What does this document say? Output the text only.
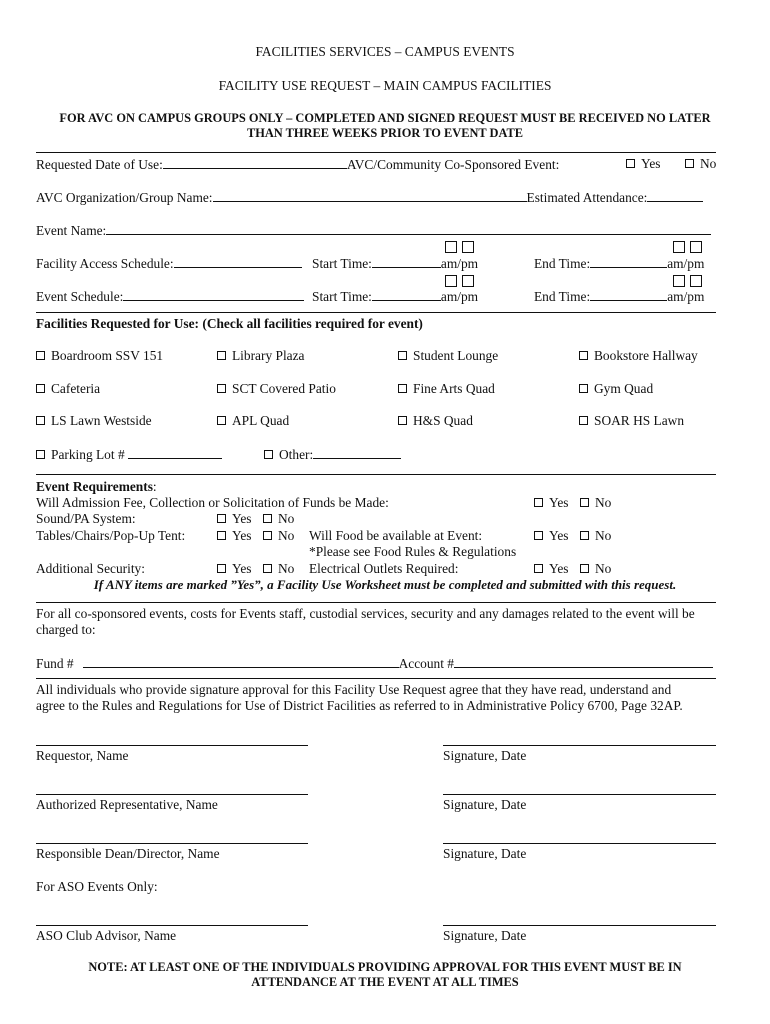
FACILITIES SERVICES – CAMPUS EVENTS
FACILITY USE REQUEST – MAIN CAMPUS FACILITIES
FOR AVC ON CAMPUS GROUPS ONLY – COMPLETED AND SIGNED REQUEST MUST BE RECEIVED NO LATER
THAN THREE WEEKS PRIOR TO EVENT DATE
Requested Date of Use:	AVC/Community Co-Sponsored Event:	Yes	No
AVC Organization/Group Name:	Estimated Attendance:
Event Name:
Facility Access Schedule:	Start Time:	am/pm	End Time:	am/pm
Event Schedule:	Start Time:	am/pm	End Time:	am/pm
Facilities Requested for Use: (Check all facilities required for event)
Boardroom SSV 151	Library Plaza	Student Lounge	Bookstore Hallway
Cafeteria	SCT Covered Patio	Fine Arts Quad	Gym Quad
LS Lawn Westside	APL Quad	H&S Quad	SOAR HS Lawn
Parking Lot #	Other:
Event Requirements:
Will Admission Fee, Collection or Solicitation of Funds be Made:	Yes	No
Sound/PA System:	Yes	No
Tables/Chairs/Pop-Up Tent:	Yes	No Will Food be available at Event:	Yes	No
*Please see Food Rules & Regulations
Additional Security:	Yes	No Electrical Outlets Required:	Yes	No
If ANY items are marked ”Yes”, a Facility Use Worksheet must be completed and submitted with this request.
For all co-sponsored events, costs for Events staff, custodial services, security and any damages related to the event will be
charged to:
Fund #	Account #
All individuals who provide signature approval for this Facility Use Request agree that they have read, understand and
agree to the Rules and Regulations for Use of District Facilities as referred to in Administrative Policy 6700, Page 32AP.
Requestor, Name	Signature, Date
Authorized Representative, Name	Signature, Date
Responsible Dean/Director, Name	Signature, Date
For ASO Events Only:
ASO Club Advisor, Name	Signature, Date
NOTE: AT LEAST ONE OF THE INDIVIDUALS PROVIDING APPROVAL FOR THIS EVENT MUST BE IN
ATTENDANCE AT THE EVENT AT ALL TIMES
